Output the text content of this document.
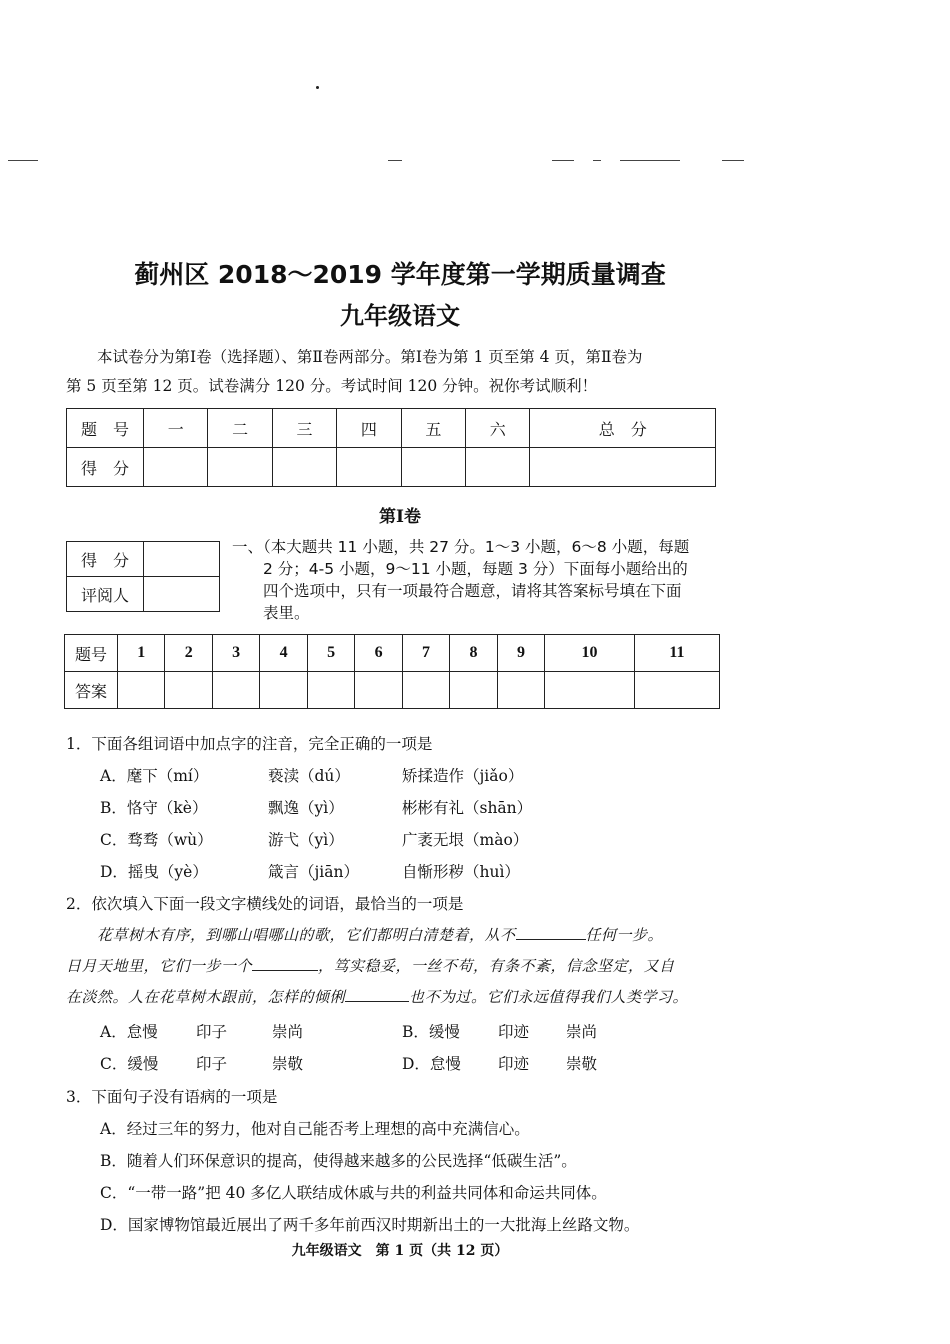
蓟州区 2018～2019 学年度第一学期质量调查
九年级语文
　　本试卷分为第Ⅰ卷（选择题）、第Ⅱ卷两部分。第Ⅰ卷为第 1 页至第 4 页，第Ⅱ卷为
第 5 页至第 12 页。试卷满分 120 分。考试时间 120 分钟。祝你考试顺利！
题　号	一	二	三	四	五	六	总　分
得　分							
第Ⅰ卷
得　分	
评阅人	
一、（本大题共 11 小题，共 27 分。1～3 小题，6～8 小题，每题
　　2 分；4-5 小题，9～11 小题，每题 3 分）下面每小题给出的
　　四个选项中，只有一项最符合题意，请将其答案标号填在下面
　　表里。
题号	1	2	3	4	5	6	7	8	9	10	11
答案											
1．下面各组词语中加点字的注音，完全正确的一项是
A．麾下（mí）	亵渎（dú）	矫揉造作（jiǎo）
B．恪守（kè）	飘逸（yì）	彬彬有礼（shān）
C．骛骛（wù）	游弋（yì）	广袤无垠（mào）
D．摇曳（yè）	箴言（jiān）	自惭形秽（huì）
2．依次填入下面一段文字横线处的词语，最恰当的一项是
　　花草树木有序，到哪山唱哪山的歌，它们都明白清楚着，从不	任何一步。
日月天地里，它们一步一个	，笃实稳妥，一丝不苟，有条不紊，信念坚定，又自
在淡然。人在花草树木跟前，怎样的倾俐	也不为过。它们永远值得我们人类学习。
A．怠慢 印子	崇尚	B．缓慢 印迹 崇尚
C．缓慢 印子	崇敬	D．怠慢 印迹 崇敬
3．下面句子没有语病的一项是
A．经过三年的努力，他对自己能否考上理想的高中充满信心。
B．随着人们环保意识的提高，使得越来越多的公民选择“低碳生活”。
C．“一带一路”把 40 多亿人联结成休戚与共的利益共同体和命运共同体。
D．国家博物馆最近展出了两千多年前西汉时期新出土的一大批海上丝路文物。
九年级语文　第 1 页（共 12 页）
